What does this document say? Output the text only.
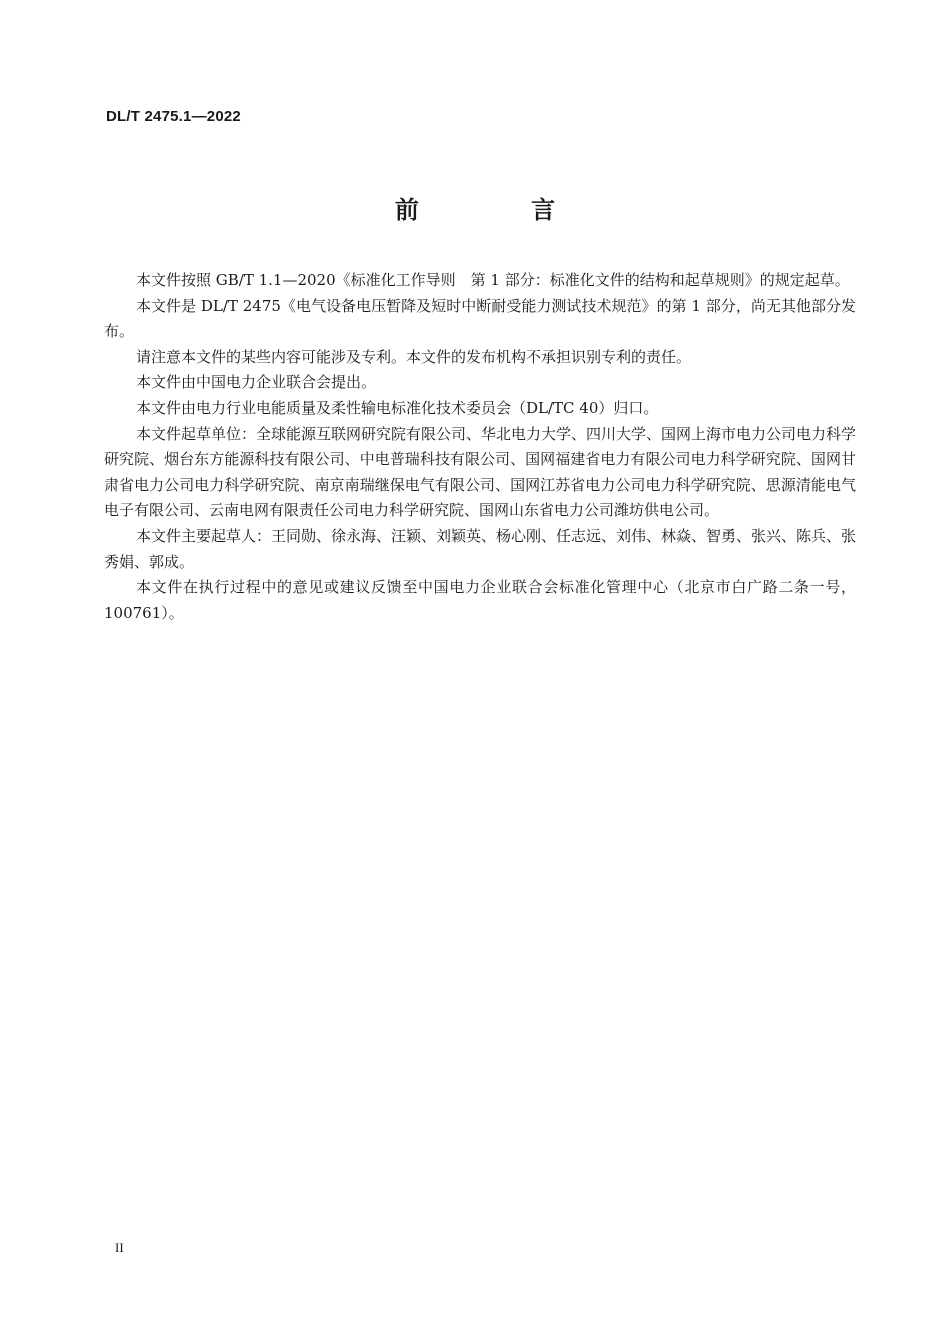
DL/T 2475.1—2022
前 言

本文件按照 GB/T 1.1—2020《标准化工作导则　第 1 部分：标准化文件的结构和起草规则》的规定起草。

本文件是 DL/T 2475《电气设备电压暂降及短时中断耐受能力测试技术规范》的第 1 部分，尚无其他部分发布。

请注意本文件的某些内容可能涉及专利。本文件的发布机构不承担识别专利的责任。

本文件由中国电力企业联合会提出。

本文件由电力行业电能质量及柔性输电标准化技术委员会（DL/TC 40）归口。

本文件起草单位：全球能源互联网研究院有限公司、华北电力大学、四川大学、国网上海市电力公司电力科学研究院、烟台东方能源科技有限公司、中电普瑞科技有限公司、国网福建省电力有限公司电力科学研究院、国网甘肃省电力公司电力科学研究院、南京南瑞继保电气有限公司、国网江苏省电力公司电力科学研究院、思源清能电气电子有限公司、云南电网有限责任公司电力科学研究院、国网山东省电力公司潍坊供电公司。

本文件主要起草人：王同勋、徐永海、汪颖、刘颖英、杨心刚、任志远、刘伟、林焱、智勇、张兴、陈兵、张秀娟、郭成。

本文件在执行过程中的意见或建议反馈至中国电力企业联合会标准化管理中心（北京市白广路二条一号，100761）。

II
